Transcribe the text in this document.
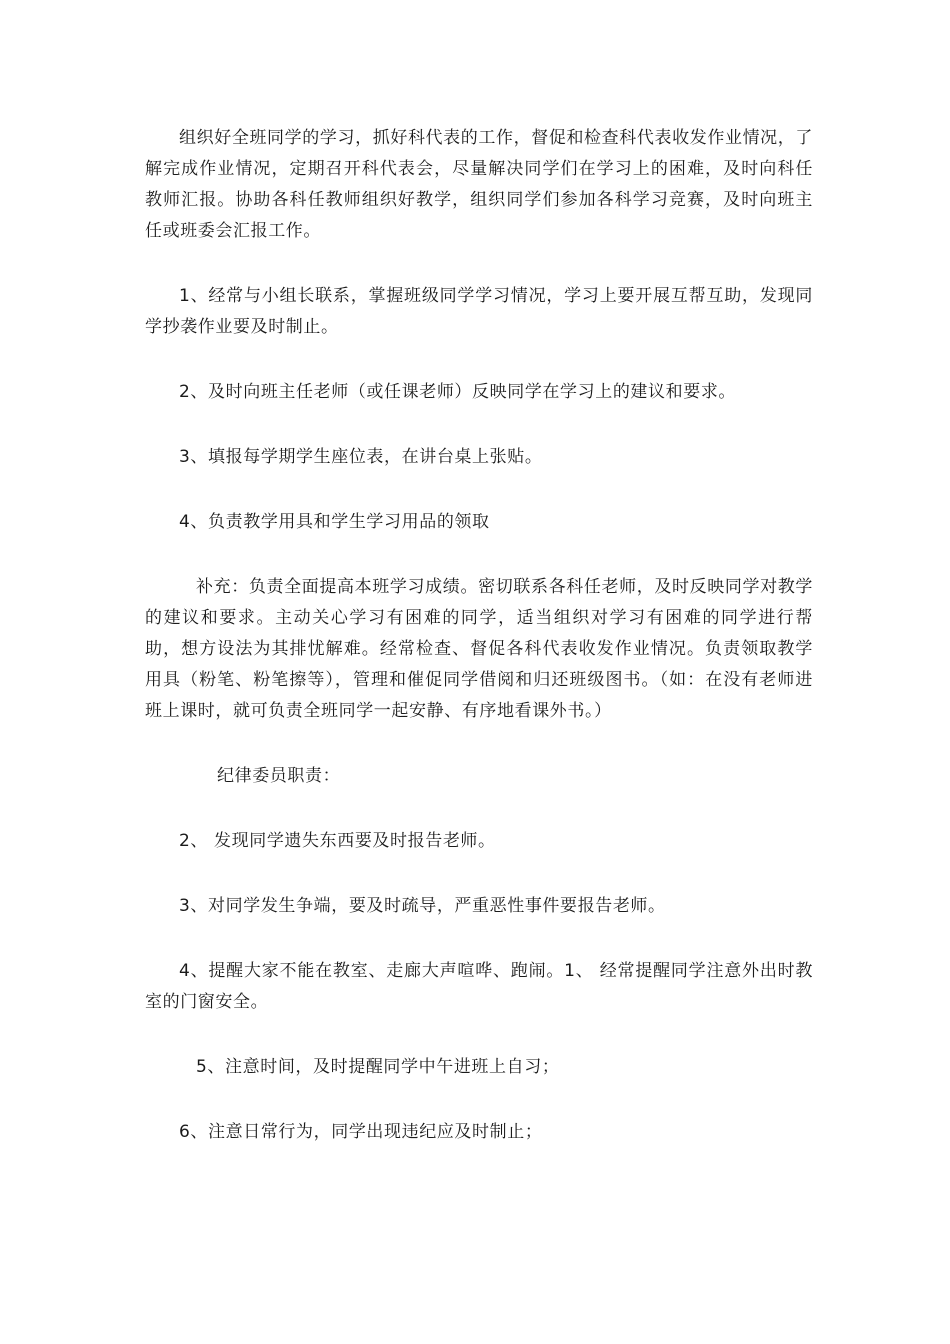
组织好全班同学的学习，抓好科代表的工作，督促和检查科代表收发作业情况，了解完成作业情况，定期召开科代表会，尽量解决同学们在学习上的困难，及时向科任教师汇报。协助各科任教师组织好教学，组织同学们参加各科学习竞赛，及时向班主任或班委会汇报工作。

1、经常与小组长联系，掌握班级同学学习情况，学习上要开展互帮互助，发现同学抄袭作业要及时制止。

2、及时向班主任老师（或任课老师）反映同学在学习上的建议和要求。

3、填报每学期学生座位表，在讲台桌上张贴。

4、负责教学用具和学生学习用品的领取

补充：负责全面提高本班学习成绩。密切联系各科任老师，及时反映同学对教学的建议和要求。主动关心学习有困难的同学，适当组织对学习有困难的同学进行帮助，想方设法为其排忧解难。经常检查、督促各科代表收发作业情况。负责领取教学用具（粉笔、粉笔擦等），管理和催促同学借阅和归还班级图书。（如：在没有老师进班上课时，就可负责全班同学一起安静、有序地看课外书。）

纪律委员职责：

2、 发现同学遗失东西要及时报告老师。

3、对同学发生争端，要及时疏导，严重恶性事件要报告老师。

4、提醒大家不能在教室、走廊大声喧哗、跑闹。1、 经常提醒同学注意外出时教室的门窗安全。

5、注意时间，及时提醒同学中午进班上自习；

6、注意日常行为，同学出现违纪应及时制止；
